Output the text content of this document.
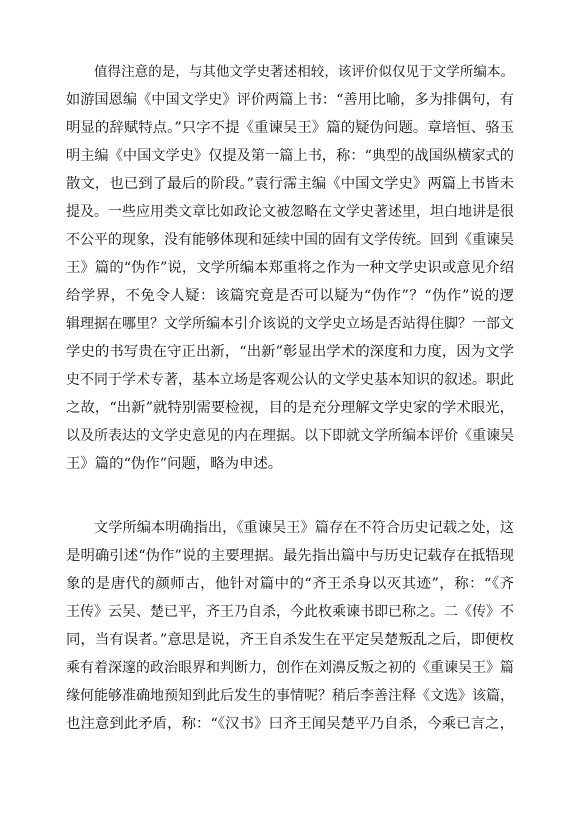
值得注意的是，与其他文学史著述相较，该评价似仅见于文学所编本。
如游国恩编《中国文学史》评价两篇上书：“善用比喻，多为排偶句，有
明显的辞赋特点。”只字不提《重谏吴王》篇的疑伪问题。章培恒、骆玉
明主编《中国文学史》仅提及第一篇上书，称：“典型的战国纵横家式的
散文，也已到了最后的阶段。”袁行霈主编《中国文学史》两篇上书皆未
提及。一些应用类文章比如政论文被忽略在文学史著述里，坦白地讲是很
不公平的现象，没有能够体现和延续中国的固有文学传统。回到《重谏吴
王》篇的“伪作”说，文学所编本郑重将之作为一种文学史识或意见介绍
给学界，不免令人疑：该篇究竟是否可以疑为“伪作”？“伪作”说的逻
辑理据在哪里？文学所编本引介该说的文学史立场是否站得住脚？一部文
学史的书写贵在守正出新，“出新”彰显出学术的深度和力度，因为文学
史不同于学术专著，基本立场是客观公认的文学史基本知识的叙述。职此
之故，“出新”就特别需要检视，目的是充分理解文学史家的学术眼光，
以及所表达的文学史意见的内在理据。以下即就文学所编本评价《重谏吴
王》篇的“伪作”问题，略为申述。
文学所编本明确指出，《重谏吴王》篇存在不符合历史记载之处，这
是明确引述“伪作”说的主要理据。最先指出篇中与历史记载存在抵牾现
象的是唐代的颜师古，他针对篇中的“齐王杀身以灭其迹”，称：“《齐
王传》云吴、楚已平，齐王乃自杀，今此枚乘谏书即已称之。二《传》不
同，当有误者。”意思是说，齐王自杀发生在平定吴楚叛乱之后，即便枚
乘有着深邃的政治眼界和判断力，创作在刘濞反叛之初的《重谏吴王》篇
缘何能够准确地预知到此后发生的事情呢？稍后李善注释《文选》该篇，
也注意到此矛盾，称：“《汉书》曰齐王闻吴楚平乃自杀，今乘已言之，
